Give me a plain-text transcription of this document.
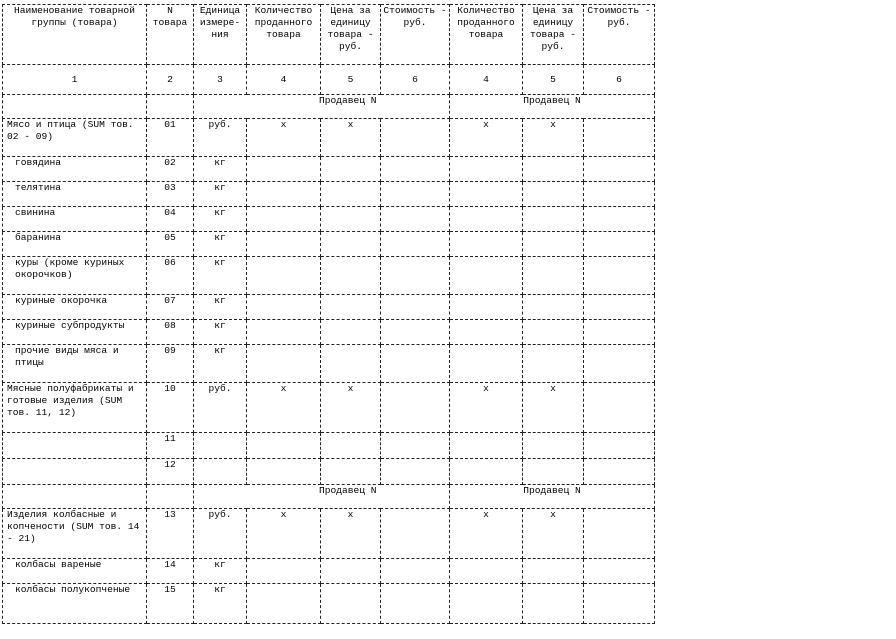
Наименование товарной группы (товара)	N товара	Единица измере-ния	Количество проданного товара	Цена за единицу товара - руб.	Стоимость - руб.	Количество проданного товара	Цена за единицу товара - руб.	Стоимость - руб.
1	2	3	4	5	6	4	5	6
			Продавец N			Продавец N		
Мясо и птица (SUM тов. 02 - 09)	01	руб.	x	x		x	x	
говядина	02	кг						
телятина	03	кг						
свинина	04	кг						
баранина	05	кг						
куры (кроме куриных окорочков)	06	кг						
куриные окорочка	07	кг						
куриные субпродукты	08	кг						
прочие виды мяса и птицы	09	кг						
Мясные полуфабрикаты и готовые изделия (SUM тов. 11, 12)	10	руб.	x	x		x	x	
	11							
	12							
			Продавец N			Продавец N		
Изделия колбасные и копчености (SUM тов. 14 - 21)	13	руб.	x	x		x	x	
колбасы вареные	14	кг						
колбасы полукопченые	15	кг						
